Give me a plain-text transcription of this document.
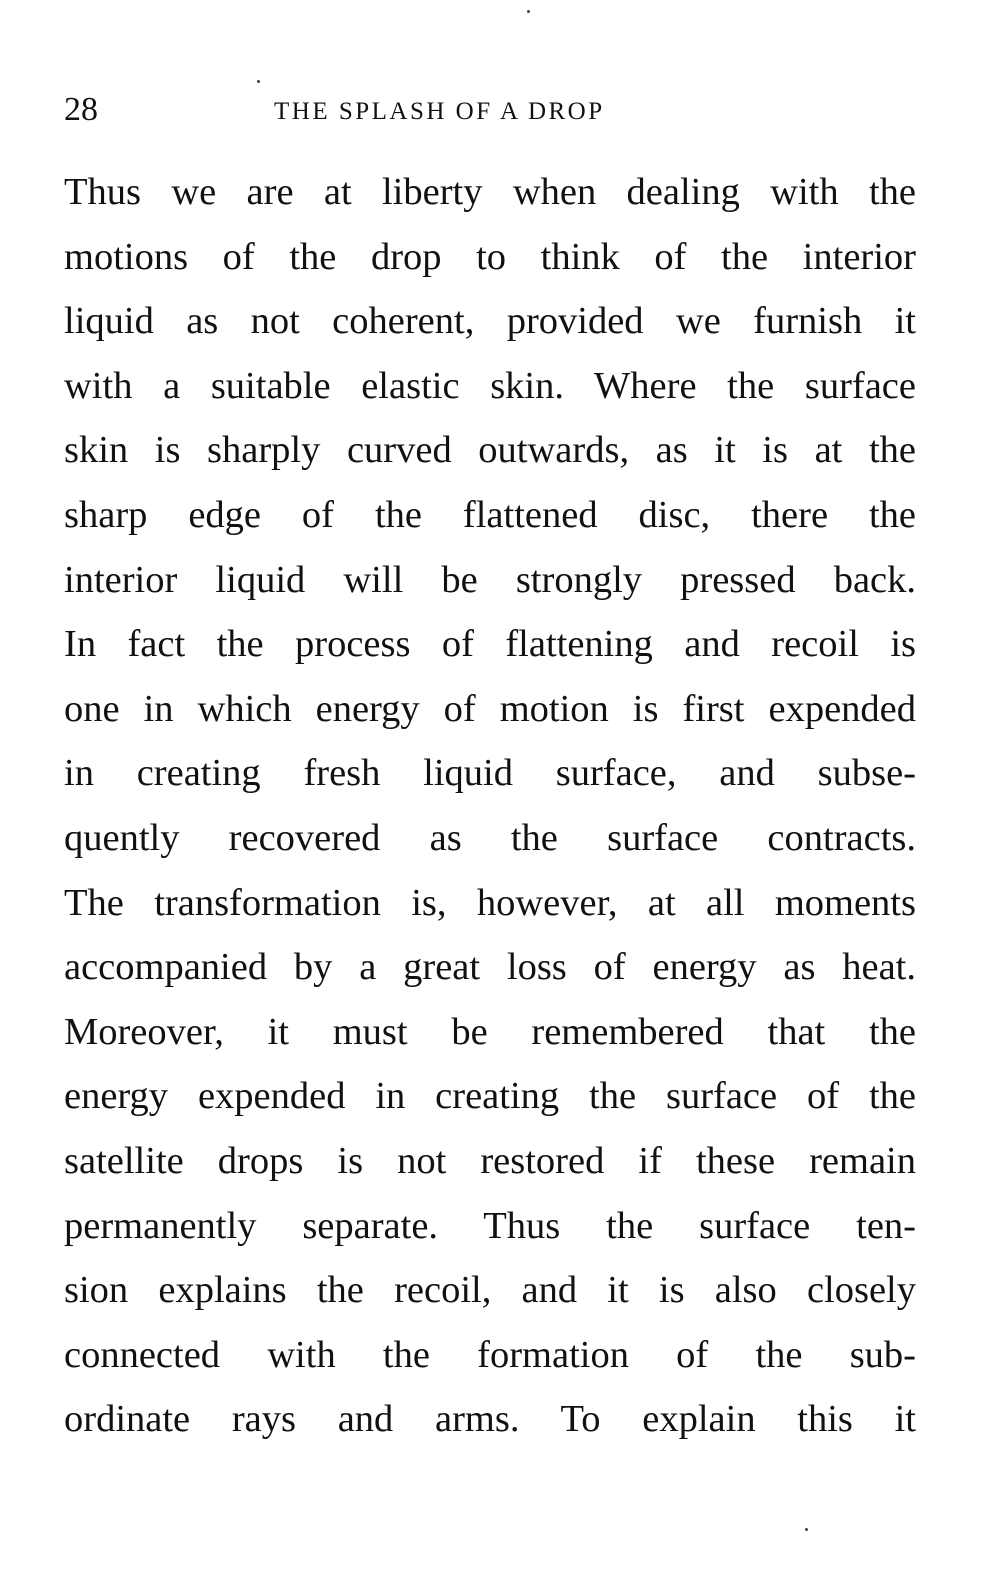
28	THE SPLASH OF A DROP
Thus we are at liberty when dealing with the
motions of the drop to think of the interior
liquid as not coherent, provided we furnish it
with a suitable elastic skin. Where the surface
skin is sharply curved outwards, as it is at the
sharp edge of the flattened disc, there the
interior liquid will be strongly pressed back.
In fact the process of flattening and recoil is
one in which energy of motion is first expended
in creating fresh liquid surface, and subse-
quently recovered as the surface contracts.
The transformation is, however, at all moments
accompanied by a great loss of energy as heat.
Moreover, it must be remembered that the
energy expended in creating the surface of the
satellite drops is not restored if these remain
permanently separate. Thus the surface ten-
sion explains the recoil, and it is also closely
connected with the formation of the sub-
ordinate rays and arms. To explain this it
